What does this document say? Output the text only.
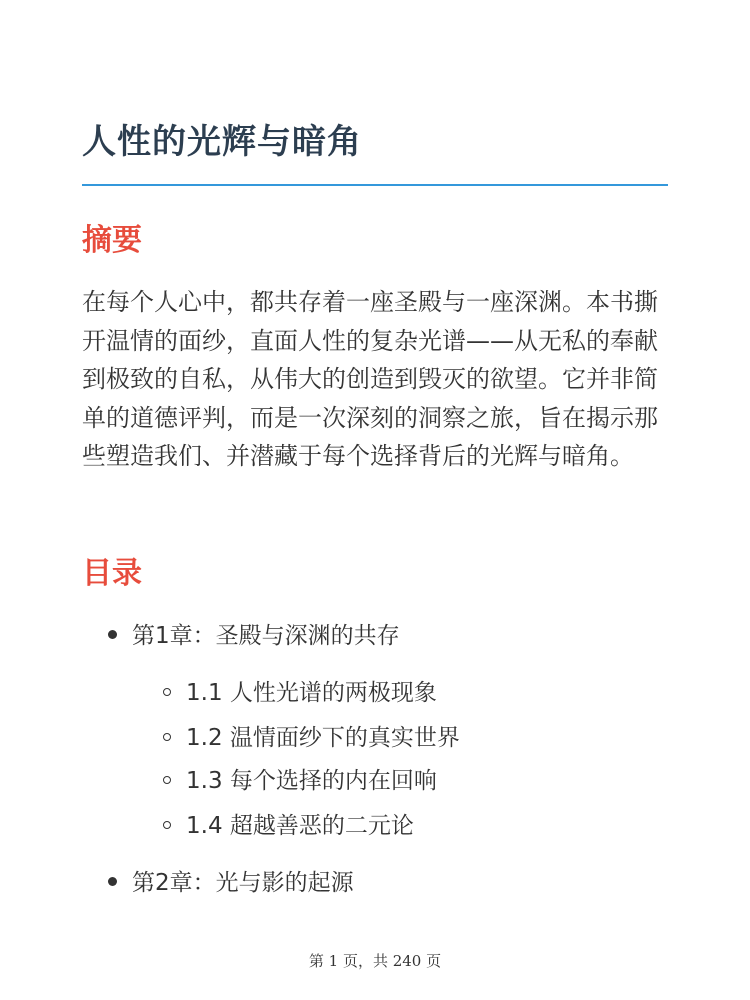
人性的光辉与暗角
摘要

在每个人心中，都共存着一座圣殿与一座深渊。本书撕开温情的面纱，直面人性的复杂光谱——从无私的奉献到极致的自私，从伟大的创造到毁灭的欲望。它并非简单的道德评判，而是一次深刻的洞察之旅，旨在揭示那些塑造我们、并潜藏于每个选择背后的光辉与暗角。

目录
第1章：圣殿与深渊的共存
1.1 人性光谱的两极现象
1.2 温情面纱下的真实世界
1.3 每个选择的内在回响
1.4 超越善恶的二元论
第2章：光与影的起源
第 1 页，共 240 页
